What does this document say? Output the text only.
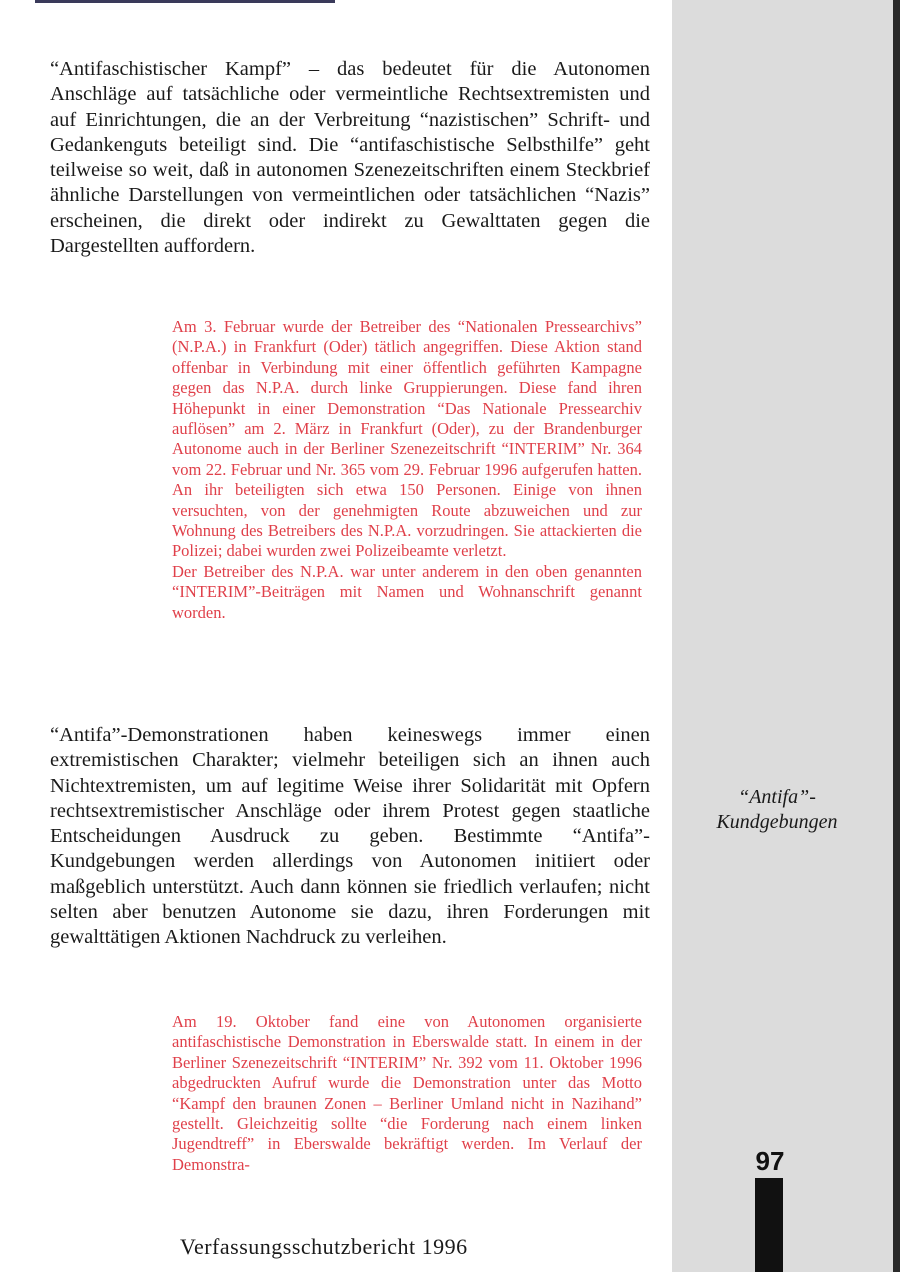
“Antifaschistischer Kampf” – das bedeutet für die Autonomen Anschläge auf tatsächliche oder vermeintliche Rechtsextremisten und auf Einrichtungen, die an der Verbreitung “nazistischen” Schrift- und Gedankenguts beteiligt sind. Die “antifaschistische Selbsthilfe” geht teilweise so weit, daß in autonomen Szenezeitschriften einem Steckbrief ähnliche Darstellungen von vermeintlichen oder tatsächlichen “Nazis” erscheinen, die direkt oder indirekt zu Gewalttaten gegen die Dargestellten auffordern.

Am 3. Februar wurde der Betreiber des “Nationalen Pressearchivs” (N.P.A.) in Frankfurt (Oder) tätlich angegriffen. Diese Aktion stand offenbar in Verbindung mit einer öffentlich geführten Kampagne gegen das N.P.A. durch linke Gruppierungen. Diese fand ihren Höhepunkt in einer Demonstration “Das Nationale Pressearchiv auflösen” am 2. März in Frankfurt (Oder), zu der Brandenburger Autonome auch in der Berliner Szenezeitschrift “INTERIM” Nr. 364 vom 22. Februar und Nr. 365 vom 29. Februar 1996 aufgerufen hatten. An ihr beteiligten sich etwa 150 Personen. Einige von ihnen versuchten, von der genehmigten Route abzuweichen und zur Wohnung des Betreibers des N.P.A. vorzudringen. Sie attackierten die Polizei; dabei wurden zwei Polizeibeamte verletzt.

Der Betreiber des N.P.A. war unter anderem in den oben genannten “INTERIM”-Beiträgen mit Namen und Wohnanschrift genannt worden.

“Antifa”-Demonstrationen haben keineswegs immer einen extremistischen Charakter; vielmehr beteiligen sich an ihnen auch Nichtextremisten, um auf legitime Weise ihrer Solidarität mit Opfern rechtsextremistischer Anschläge oder ihrem Protest gegen staatliche Entscheidungen Ausdruck zu geben. Bestimmte “Antifa”-Kundgebungen werden allerdings von Autonomen initiiert oder maßgeblich unterstützt. Auch dann können sie friedlich verlaufen; nicht selten aber benutzen Autonome sie dazu, ihren Forderungen mit gewalttätigen Aktionen Nachdruck zu verleihen.

“Antifa”-
Kundgebungen

Am 19. Oktober fand eine von Autonomen organisierte antifaschistische Demonstration in Eberswalde statt. In einem in der Berliner Szenezeitschrift “INTERIM” Nr. 392 vom 11. Oktober 1996 abgedruckten Aufruf wurde die Demonstration unter das Motto “Kampf den braunen Zonen – Berliner Umland nicht in Nazihand” gestellt. Gleichzeitig sollte “die Forderung nach einem linken Jugendtreff” in Eberswalde bekräftigt werden. Im Verlauf der Demonstra-	97
Verfassungsschutzbericht 1996
